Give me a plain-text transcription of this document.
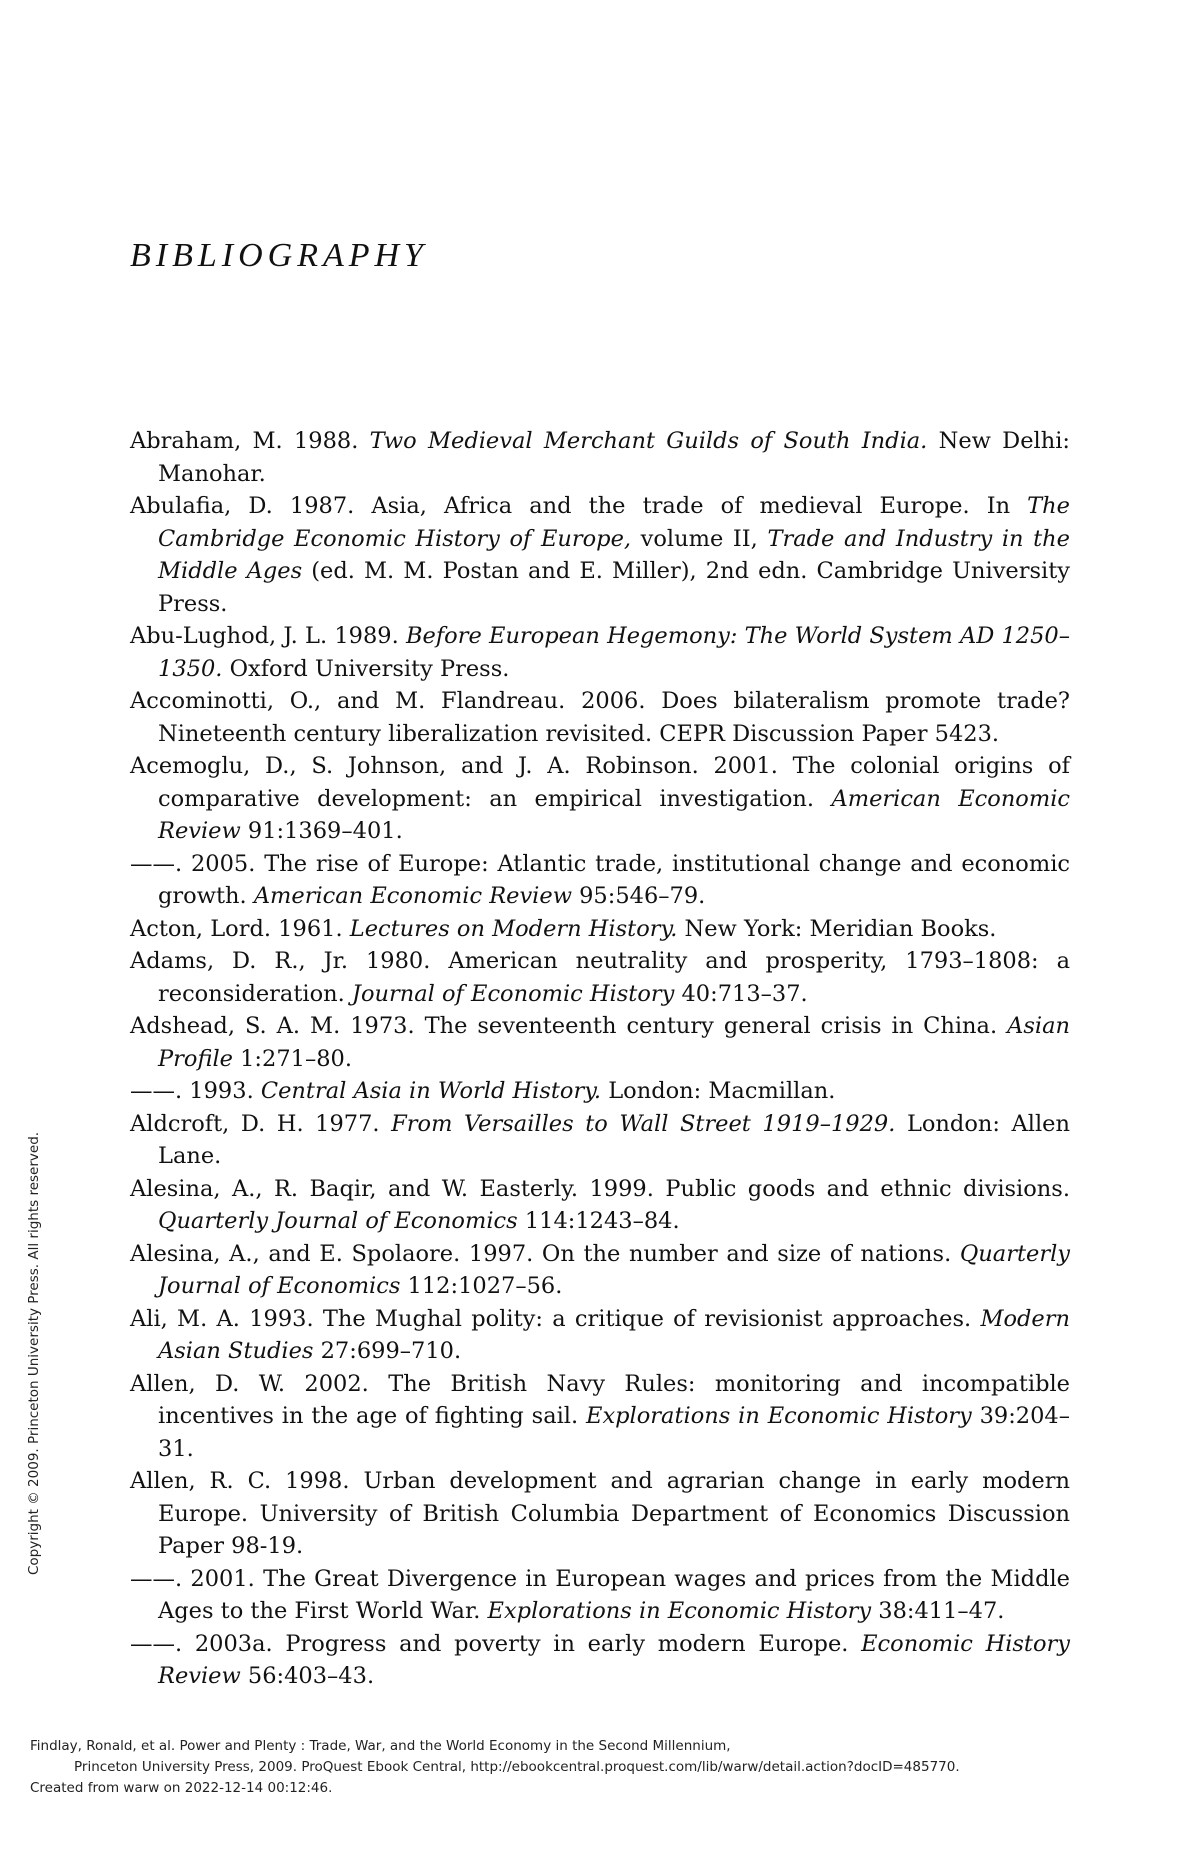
BIBLIOGRAPHY

Abraham, M. 1988. Two Medieval Merchant Guilds of South India. New Delhi: Manohar.

Abulafia, D. 1987. Asia, Africa and the trade of medieval Europe. In The Cambridge Economic History of Europe, volume II, Trade and Industry in the Middle Ages (ed. M. M. Postan and E. Miller), 2nd edn. Cambridge University Press.

Abu-Lughod, J. L. 1989. Before European Hegemony: The World System AD 1250–1350. Oxford University Press.

Accominotti, O., and M. Flandreau. 2006. Does bilateralism promote trade? Nineteenth century liberalization revisited. CEPR Discussion Paper 5423.

Acemoglu, D., S. Johnson, and J. A. Robinson. 2001. The colonial origins of comparative development: an empirical investigation. American Economic Review 91:1369–401.

——. 2005. The rise of Europe: Atlantic trade, institutional change and economic growth. American Economic Review 95:546–79.

Acton, Lord. 1961. Lectures on Modern History. New York: Meridian Books.

Adams, D. R., Jr. 1980. American neutrality and prosperity, 1793–1808: a reconsideration. Journal of Economic History 40:713–37.

Adshead, S. A. M. 1973. The seventeenth century general crisis in China. Asian Profile 1:271–80.

——. 1993. Central Asia in World History. London: Macmillan.

Aldcroft, D. H. 1977. From Versailles to Wall Street 1919–1929. London: Allen Lane.

Alesina, A., R. Baqir, and W. Easterly. 1999. Public goods and ethnic divisions. Quarterly Journal of Economics 114:1243–84.

Alesina, A., and E. Spolaore. 1997. On the number and size of nations. Quarterly Journal of Economics 112:1027–56.

Ali, M. A. 1993. The Mughal polity: a critique of revisionist approaches. Modern Asian Studies 27:699–710.

Allen, D. W. 2002. The British Navy Rules: monitoring and incompatible incentives in the age of fighting sail. Explorations in Economic History 39:204–31.

Allen, R. C. 1998. Urban development and agrarian change in early modern Europe. University of British Columbia Department of Economics Discussion Paper 98-19.

——. 2001. The Great Divergence in European wages and prices from the Middle Ages to the First World War. Explorations in Economic History 38:411–47.

——. 2003a. Progress and poverty in early modern Europe. Economic History Review 56:403–43.

Copyright © 2009. Princeton University Press. All rights reserved.

Findlay, Ronald, et al. Power and Plenty : Trade, War, and the World Economy in the Second Millennium,
Princeton University Press, 2009. ProQuest Ebook Central, http://ebookcentral.proquest.com/lib/warw/detail.action?docID=485770.
Created from warw on 2022-12-14 00:12:46.
